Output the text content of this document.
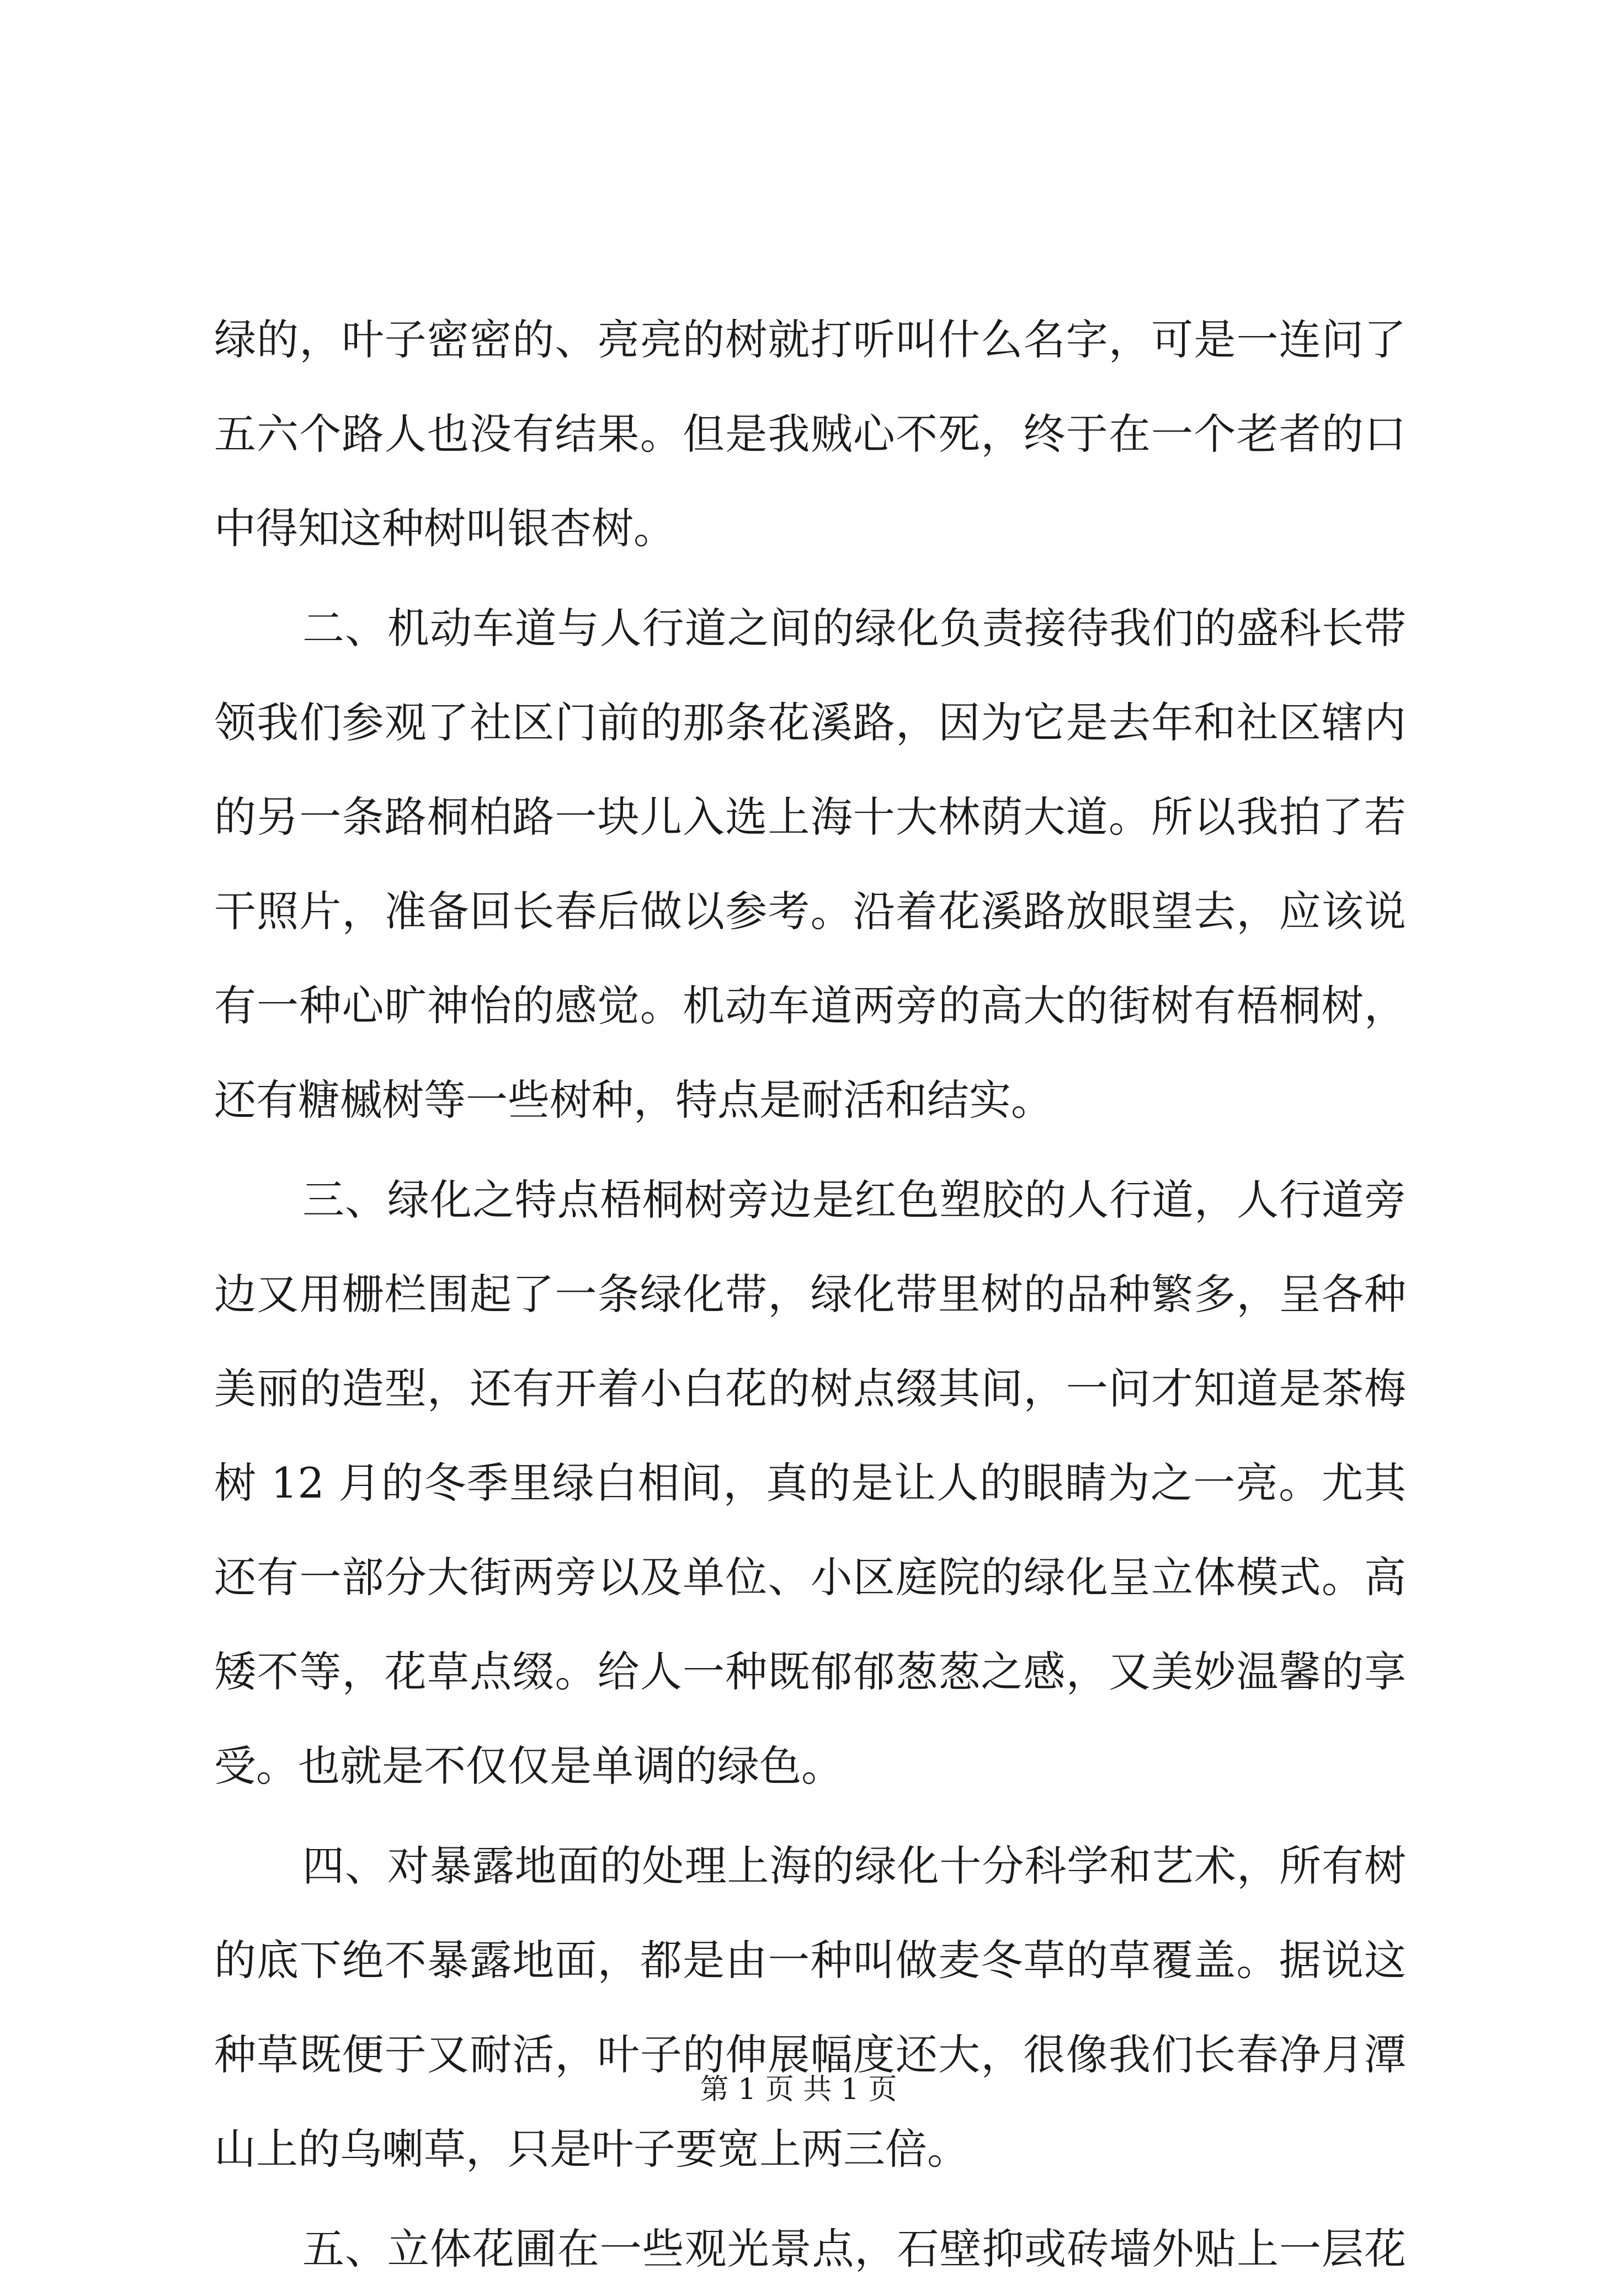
绿的，叶子密密的、亮亮的树就打听叫什么名字，可是一连问了
五六个路人也没有结果。但是我贼心不死，终于在一个老者的口
中得知这种树叫银杏树。
二、机动车道与人行道之间的绿化负责接待我们的盛科长带
领我们参观了社区门前的那条花溪路，因为它是去年和社区辖内
的另一条路桐柏路一块儿入选上海十大林荫大道。所以我拍了若
干照片，准备回长春后做以参考。沿着花溪路放眼望去，应该说
有一种心旷神怡的感觉。机动车道两旁的高大的街树有梧桐树，
还有糖槭树等一些树种，特点是耐活和结实。
三、绿化之特点梧桐树旁边是红色塑胶的人行道，人行道旁
边又用栅栏围起了一条绿化带，绿化带里树的品种繁多，呈各种
美丽的造型，还有开着小白花的树点缀其间，一问才知道是茶梅
树 12 月的冬季里绿白相间，真的是让人的眼睛为之一亮。尤其
还有一部分大街两旁以及单位、小区庭院的绿化呈立体模式。高
矮不等，花草点缀。给人一种既郁郁葱葱之感，又美妙温馨的享
受。也就是不仅仅是单调的绿色。
四、对暴露地面的处理上海的绿化十分科学和艺术，所有树
的底下绝不暴露地面，都是由一种叫做麦冬草的草覆盖。据说这
种草既便于又耐活，叶子的伸展幅度还大，很像我们长春净月潭
山上的乌喇草，只是叶子要宽上两三倍。
五、立体花圃在一些观光景点，石壁抑或砖墙外贴上一层花
第 1 页 共 1 页
